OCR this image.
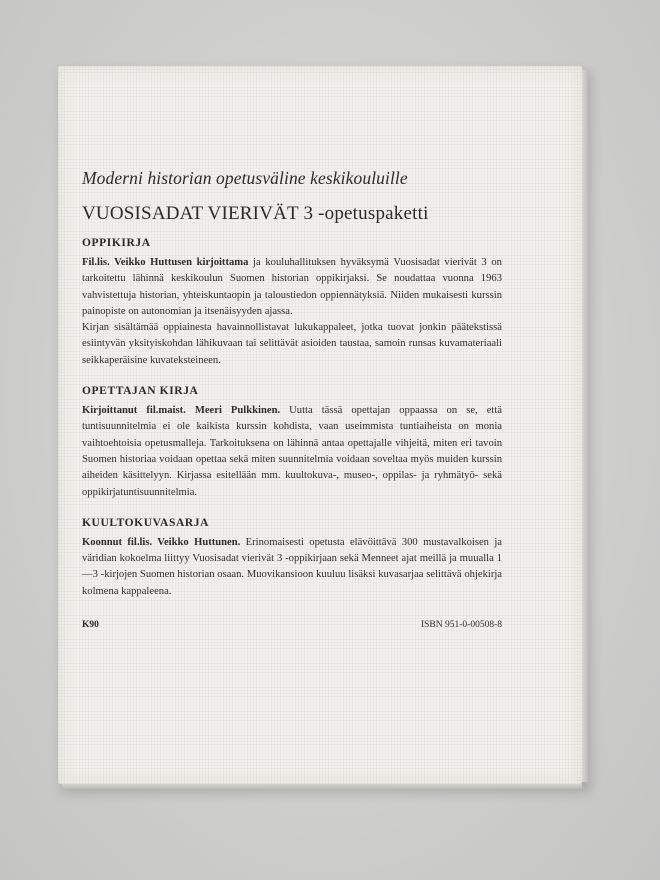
Moderni historian opetusväline keskikouluille
VUOSISADAT VIERIVÄT 3 -opetuspaketti
OPPIKIRJA
Fil.lis. Veikko Huttusen kirjoittama ja kouluhallituksen hyväksymä Vuosisadat vierivät 3 on tarkoitettu lähinnä keskikoulun Suomen historian oppikirjaksi. Se noudattaa vuonna 1963 vahvistettuja historian, yhteiskuntaopin ja taloustiedon oppiennätyksiä. Niiden mukaisesti kurssin painopiste on autonomian ja itsenäisyyden ajassa.
Kirjan sisältämää oppiainesta havainnollistavat lukukappaleet, jotka tuovat jonkin päätekstissä esiintyvän yksityiskohdan lähikuvaan tai selittävät asioiden taustaa, samoin runsas kuvamateriaali seikkaperäisine kuvateksteineen.
OPETTAJAN KIRJA
Kirjoittanut fil.maist. Meeri Pulkkinen. Uutta tässä opettajan oppaassa on se, että tuntisuunnitelmia ei ole kaikista kurssin kohdista, vaan useimmista tuntiaiheista on monia vaihtoehtoisia opetusmalleja. Tarkoituksena on lähinnä antaa opettajalle vihjeitä, miten eri tavoin Suomen historiaa voidaan opettaa sekä miten suunnitelmia voidaan soveltaa myös muiden kurssin aiheiden käsittelyyn. Kirjassa esitellään mm. kuultokuva-, museo-, oppilas- ja ryhmätyö- sekä oppikirjatuntisuunnitelmia.
KUULTOKUVASARJA
Koonnut fil.lis. Veikko Huttunen. Erinomaisesti opetusta elävöittävä 300 mustavalkoisen ja väridian kokoelma liittyy Vuosisadat vierivät 3 -oppikirjaan sekä Menneet ajat meillä ja muualla 1—3 -kirjojen Suomen historian osaan. Muovikansioon kuuluu lisäksi kuvasarjaa selittävä ohjekirja kolmena kappaleena.
K90	ISBN 951-0-00508-8
